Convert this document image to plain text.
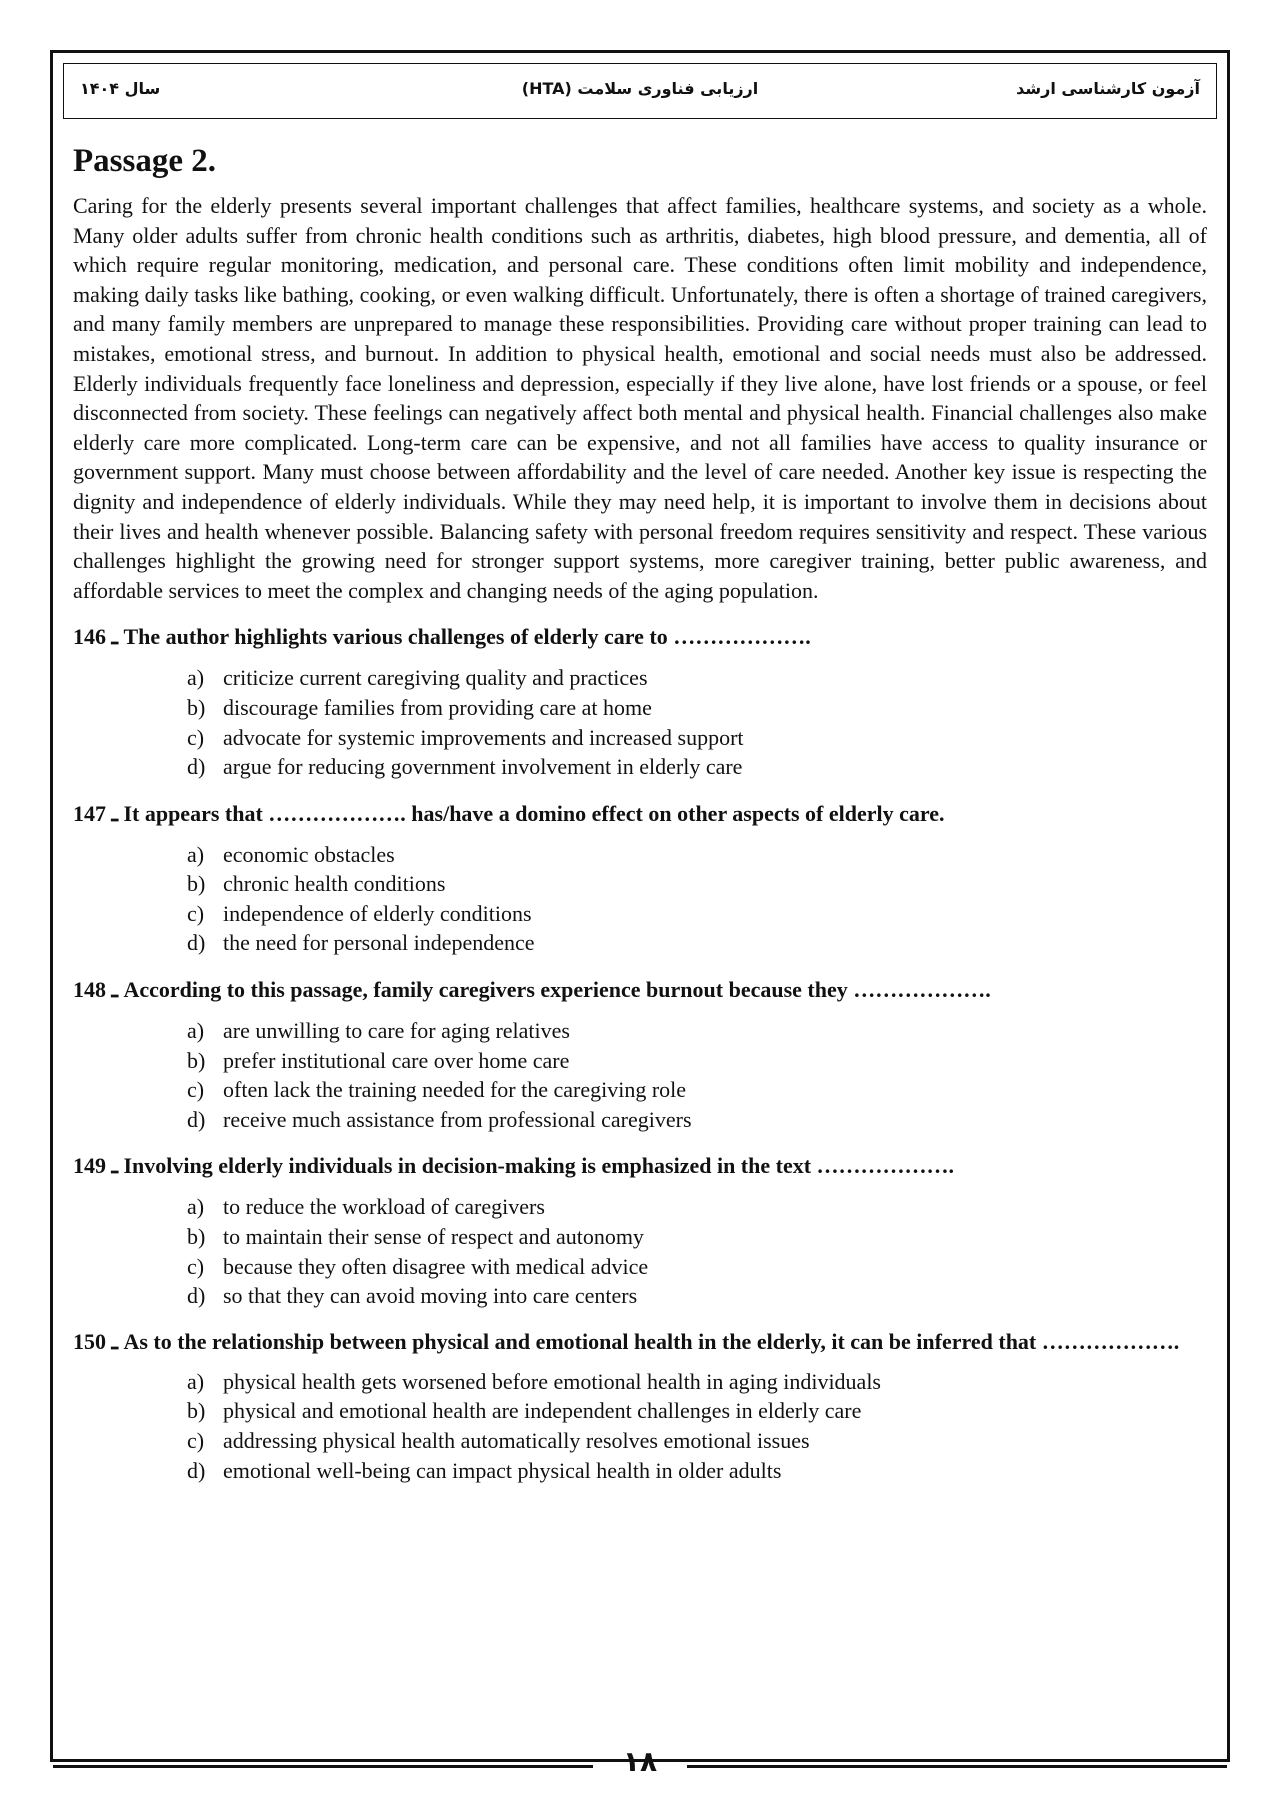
سال ۱۴۰۴	ارزیابی فناوری سلامت (HTA)	آزمون کارشناسی ارشد
Passage 2.

Caring for the elderly presents several important challenges that affect families, healthcare systems, and society as a whole. Many older adults suffer from chronic health conditions such as arthritis, diabetes, high blood pressure, and dementia, all of which require regular monitoring, medication, and personal care. These conditions often limit mobility and independence, making daily tasks like bathing, cooking, or even walking difficult. Unfortunately, there is often a shortage of trained caregivers, and many family members are unprepared to manage these responsibilities. Providing care without proper training can lead to mistakes, emotional stress, and burnout. In addition to physical health, emotional and social needs must also be addressed. Elderly individuals frequently face loneliness and depression, especially if they live alone, have lost friends or a spouse, or feel disconnected from society. These feelings can negatively affect both mental and physical health. Financial challenges also make elderly care more complicated. Long-term care can be expensive, and not all families have access to quality insurance or government support. Many must choose between affordability and the level of care needed. Another key issue is respecting the dignity and independence of elderly individuals. While they may need help, it is important to involve them in decisions about their lives and health whenever possible. Balancing safety with personal freedom requires sensitivity and respect. These various challenges highlight the growing need for stronger support systems, more caregiver training, better public awareness, and affordable services to meet the complex and changing needs of the aging population.

146 ـ
The author highlights various challenges of elderly care to ……………….
a) criticize current caregiving quality and practices
b) discourage families from providing care at home
c) advocate for systemic improvements and increased support
d) argue for reducing government involvement in elderly care
147 ـ
It appears that ………………. has/have a domino effect on other aspects of elderly care.
a) economic obstacles
b) chronic health conditions
c) independence of elderly conditions
d) the need for personal independence
148 ـ
According to this passage, family caregivers experience burnout because they ……………….
a) are unwilling to care for aging relatives
b) prefer institutional care over home care
c) often lack the training needed for the caregiving role
d) receive much assistance from professional caregivers
149 ـ
Involving elderly individuals in decision-making is emphasized in the text ……………….
a) to reduce the workload of caregivers
b) to maintain their sense of respect and autonomy
c) because they often disagree with medical advice
d) so that they can avoid moving into care centers
150 ـ As to the relationship between physical and emotional health in the elderly, it can be inferred that ……………….
a) physical health gets worsened before emotional health in aging individuals
b) physical and emotional health are independent challenges in elderly care
c) addressing physical health automatically resolves emotional issues
d) emotional well-being can impact physical health in older adults
۱۸
